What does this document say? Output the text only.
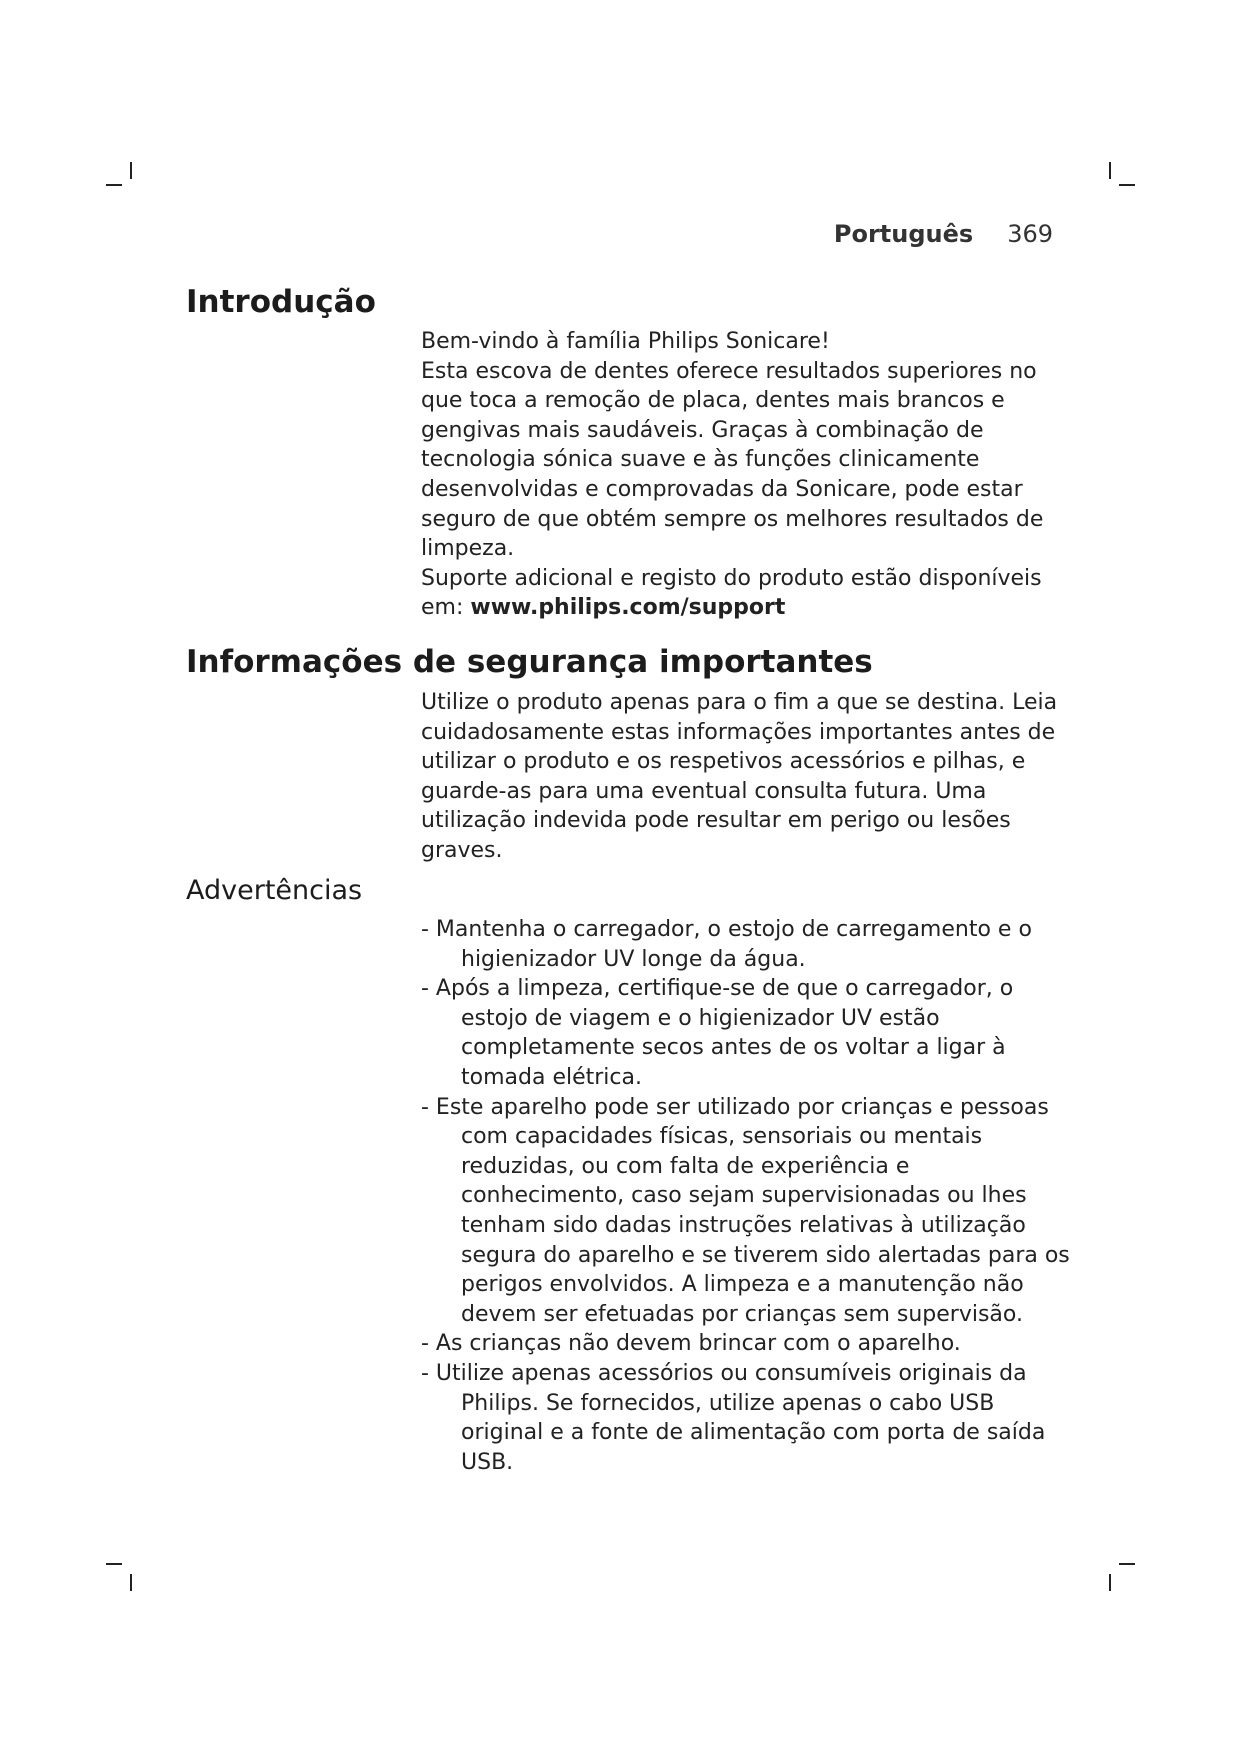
Português 369
Introdução

Bem-vindo à família Philips Sonicare!

Esta escova de dentes oferece resultados superiores no que toca a remoção de placa, dentes mais brancos e gengivas mais saudáveis. Graças à combinação de tecnologia sónica suave e às funções clinicamente desenvolvidas e comprovadas da Sonicare, pode estar seguro de que obtém sempre os melhores resultados de limpeza.

Suporte adicional e registo do produto estão disponíveis em: www.philips.com/support

Informações de segurança importantes

Utilize o produto apenas para o fim a que se destina. Leia cuidadosamente estas informações importantes antes de utilizar o produto e os respetivos acessórios e pilhas, e guarde-as para uma eventual consulta futura. Uma utilização indevida pode resultar em perigo ou lesões graves.

Advertências
- Mantenha o carregador, o estojo de carregamento e o higienizador UV longe da água.
- Após a limpeza, certifique-se de que o carregador, o estojo de viagem e o higienizador UV estão completamente secos antes de os voltar a ligar à tomada elétrica.
- Este aparelho pode ser utilizado por crianças e pessoas com capacidades físicas, sensoriais ou mentais reduzidas, ou com falta de experiência e conhecimento, caso sejam supervisionadas ou lhes tenham sido dadas instruções relativas à utilização segura do aparelho e se tiverem sido alertadas para os perigos envolvidos. A limpeza e a manutenção não devem ser efetuadas por crianças sem supervisão.
- As crianças não devem brincar com o aparelho.
- Utilize apenas acessórios ou consumíveis originais da Philips. Se fornecidos, utilize apenas o cabo USB original e a fonte de alimentação com porta de saída USB.
